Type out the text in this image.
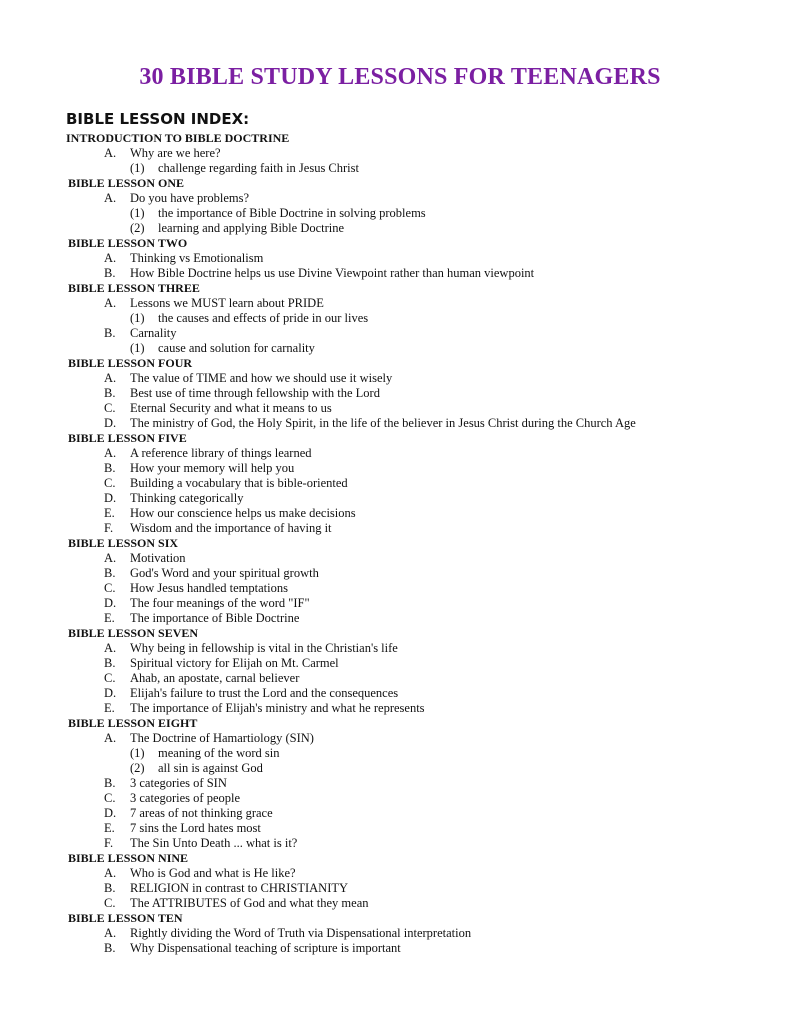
30 BIBLE STUDY LESSONS FOR TEENAGERS
BIBLE LESSON INDEX:
INTRODUCTION TO BIBLE DOCTRINE
A. Why are we here?
(1) challenge regarding faith in Jesus Christ
BIBLE LESSON ONE
A. Do you have problems?
(1) the importance of Bible Doctrine in solving problems
(2) learning and applying Bible Doctrine
BIBLE LESSON TWO
A. Thinking vs Emotionalism
B. How Bible Doctrine helps us use Divine Viewpoint rather than human viewpoint
BIBLE LESSON THREE
A. Lessons we MUST learn about PRIDE
(1) the causes and effects of pride in our lives
B. Carnality
(1) cause and solution for carnality
BIBLE LESSON FOUR
A. The value of TIME and how we should use it wisely
B. Best use of time through fellowship with the Lord
C. Eternal Security and what it means to us
D. The ministry of God, the Holy Spirit, in the life of the believer in Jesus Christ during the Church Age
BIBLE LESSON FIVE
A. A reference library of things learned
B. How your memory will help you
C. Building a vocabulary that is bible-oriented
D. Thinking categorically
E. How our conscience helps us make decisions
F. Wisdom and the importance of having it
BIBLE LESSON SIX
A. Motivation
B. God's Word and your spiritual growth
C. How Jesus handled temptations
D. The four meanings of the word "IF"
E. The importance of Bible Doctrine
BIBLE LESSON SEVEN
A. Why being in fellowship is vital in the Christian's life
B. Spiritual victory for Elijah on Mt. Carmel
C. Ahab, an apostate, carnal believer
D. Elijah's failure to trust the Lord and the consequences
E. The importance of Elijah's ministry and what he represents
BIBLE LESSON EIGHT
A. The Doctrine of Hamartiology (SIN)
(1) meaning of the word sin
(2) all sin is against God
B. 3 categories of SIN
C. 3 categories of people
D. 7 areas of not thinking grace
E. 7 sins the Lord hates most
F. The Sin Unto Death ... what is it?
BIBLE LESSON NINE
A. Who is God and what is He like?
B. RELIGION in contrast to CHRISTIANITY
C. The ATTRIBUTES of God and what they mean
BIBLE LESSON TEN
A. Rightly dividing the Word of Truth via Dispensational interpretation
B. Why Dispensational teaching of scripture is important
